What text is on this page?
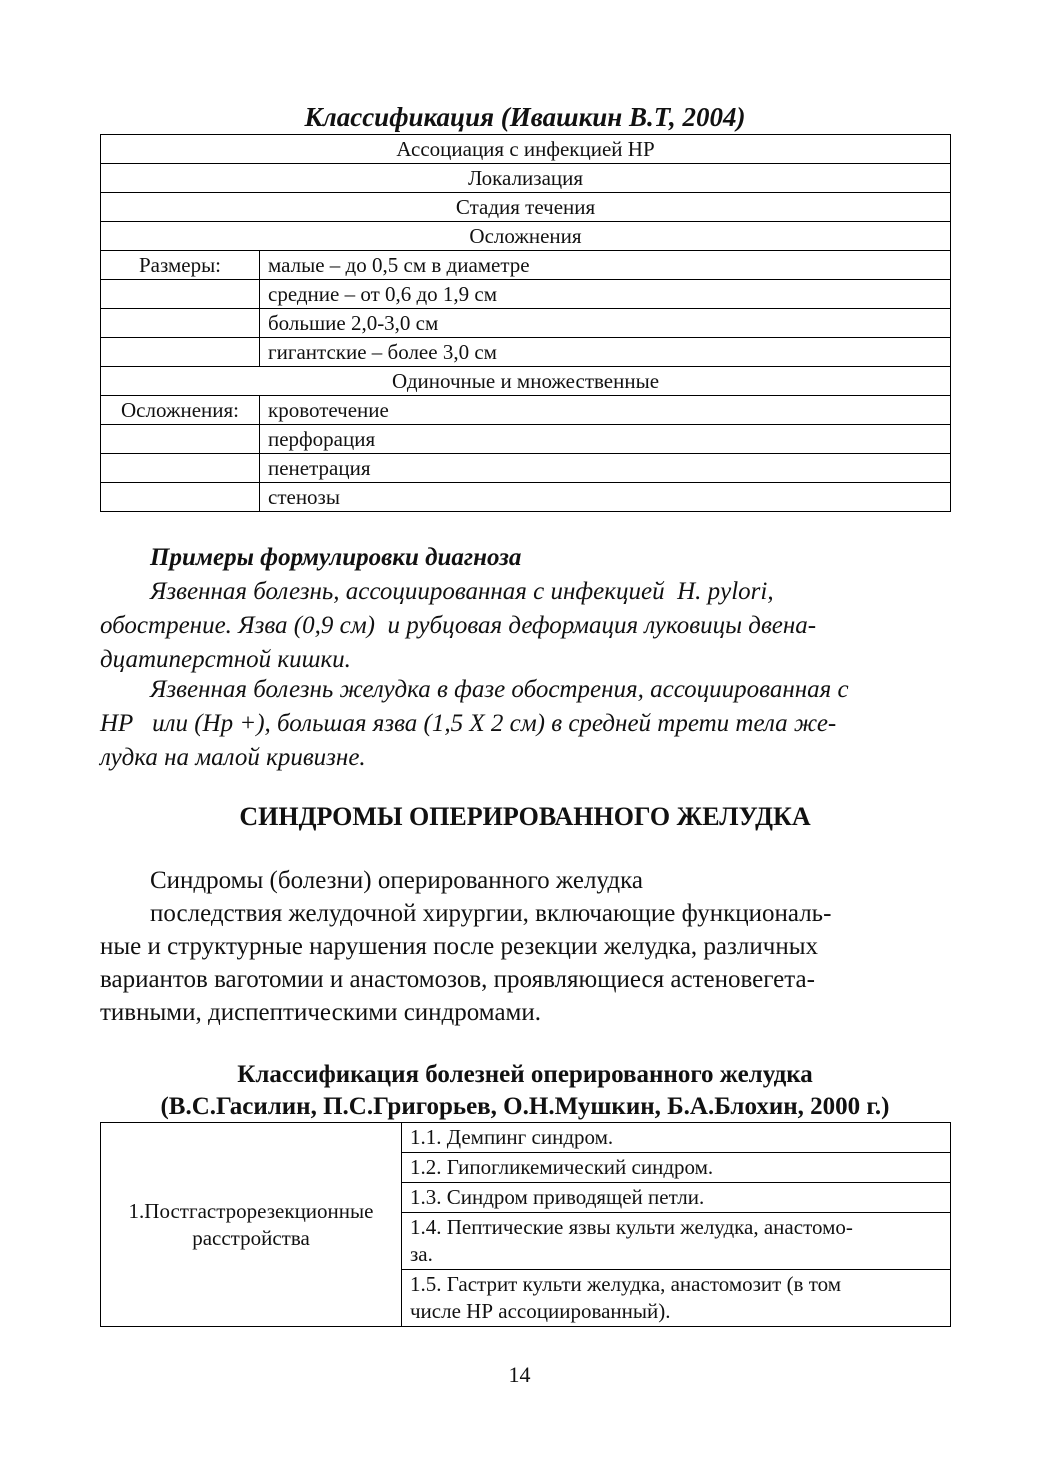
Классификация (Ивашкин В.Т, 2004)
Ассоциация с инфекцией НР	
Локализация	
Стадия течения	
Осложнения	
Размеры:	малые – до 0,5 см в диаметре
	средние – от 0,6 до 1,9 см
	большие 2,0-3,0 см
	гигантские – более 3,0 см
Одиночные и множественные	
Осложнения:	кровотечение
	перфорация
	пенетрация
	стенозы
Примеры формулировки диагноза
Язвенная болезнь, ассоциированная с инфекцией  H. pylori,
обострение. Язва (0,9 см)  и рубцовая деформация луковицы двена-
дцатиперстной кишки.
Язвенная болезнь желудка в фазе обострения, ассоциированная с
НР   или (Нр +), большая язва (1,5 Х 2 см) в средней трети тела же-
лудка на малой кривизне.
СИНДРОМЫ ОПЕРИРОВАННОГО ЖЕЛУДКА
Синдромы (болезни) оперированного желудка
последствия желудочной хирургии, включающие функциональ-
ные и структурные нарушения после резекции желудка, различных
вариантов ваготомии и анастомозов, проявляющиеся астеновегета-
тивными, диспептическими синдромами.
Классификация болезней оперированного желудка
(В.С.Гасилин, П.С.Григорьев, О.Н.Мушкин, Б.А.Блохин, 2000 г.)
1.Постгастрорезекционные
расстройства
	1.1. Демпинг синдром.
1.2. Гипогликемический синдром.
1.3. Синдром приводящей петли.

1.4. Пептические язвы культи желудка, анастомо-
за.

1.5. Гастрит культи желудка, анастомозит (в том
числе НР ассоциированный).
14
